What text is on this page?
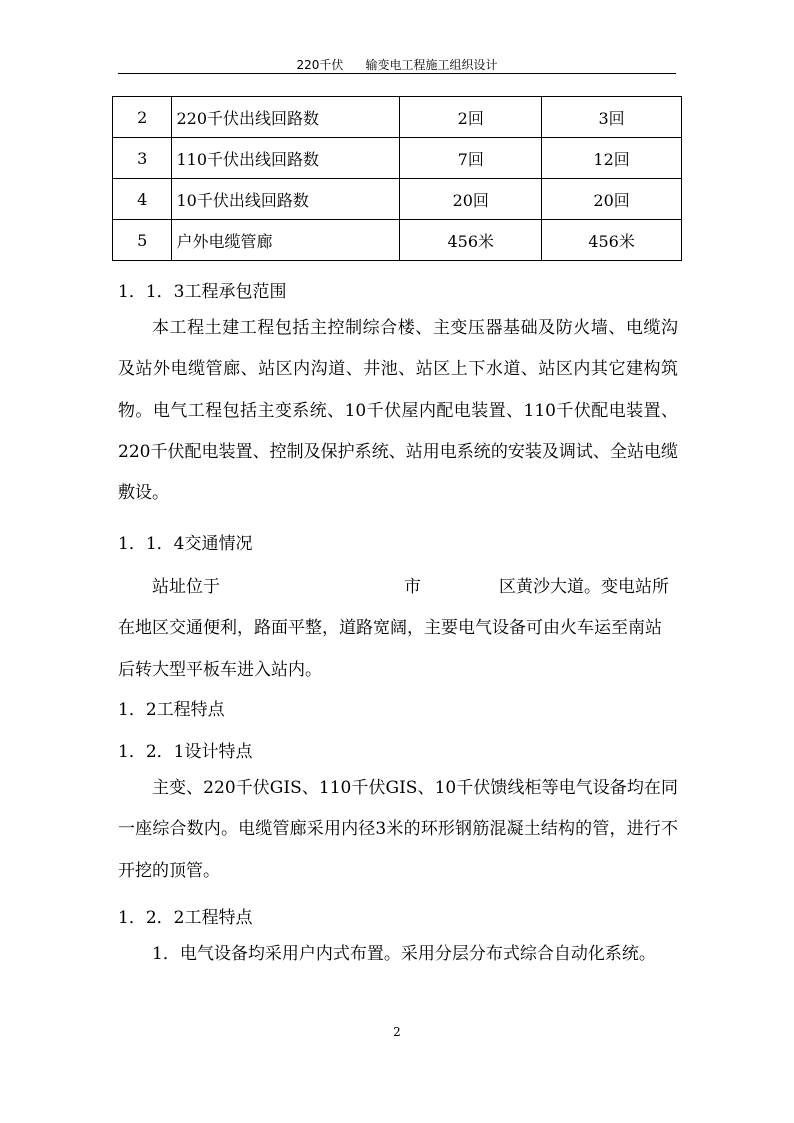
220千伏 输变电工程施工组织设计
2	220千伏出线回路数	2回	3回
3	110千伏出线回路数	7回	12回
4	10千伏出线回路数	20回	20回
5	户外电缆管廊	456米	456米
1．1．3工程承包范围
本工程土建工程包括主控制综合楼、主变压器基础及防火墙、电缆沟及站外电缆管廊、站区内沟道、井池、站区上下水道、站区内其它建构筑物。电气工程包括主变系统、10千伏屋内配电装置、110千伏配电装置、220千伏配电装置、控制及保护系统、站用电系统的安装及调试、全站电缆敷设。
1．1．4交通情况
站址位于	市	区黄沙大道。变电站所在地区交通便利，路面平整，道路宽阔，主要电气设备可由火车运至南站后转大型平板车进入站内。
1．2工程特点
1．2．1设计特点
主变、220千伏GIS、110千伏GIS、10千伏馈线柜等电气设备均在同一座综合数内。电缆管廊采用内径3米的环形钢筋混凝土结构的管，进行不开挖的顶管。
1．2．2工程特点
1．电气设备均采用户内式布置。采用分层分布式综合自动化系统。
2
